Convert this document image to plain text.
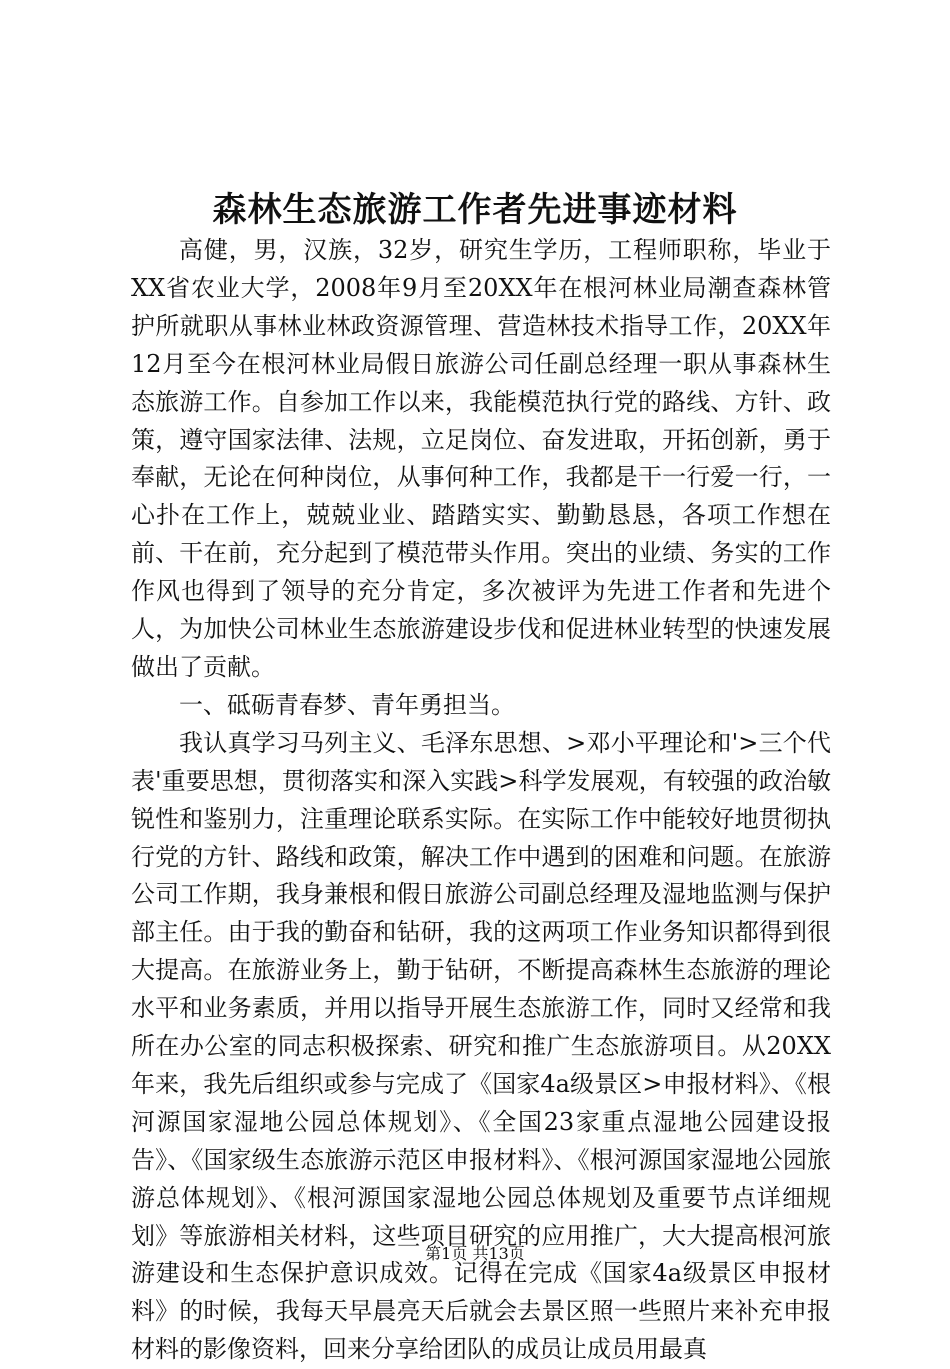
森林生态旅游工作者先进事迹材料

高健，男，汉族，32岁，研究生学历，工程师职称，毕业于XX省农业大学，2008年9月至20XX年在根河林业局潮查森林管护所就职从事林业林政资源管理、营造林技术指导工作，20XX年12月至今在根河林业局假日旅游公司任副总经理一职从事森林生态旅游工作。自参加工作以来，我能模范执行党的路线、方针、政策，遵守国家法律、法规，立足岗位、奋发进取，开拓创新，勇于奉献，无论在何种岗位，从事何种工作，我都是干一行爱一行，一心扑在工作上，兢兢业业、踏踏实实、勤勤恳恳，各项工作想在前、干在前，充分起到了模范带头作用。突出的业绩、务实的工作作风也得到了领导的充分肯定，多次被评为先进工作者和先进个人，为加快公司林业生态旅游建设步伐和促进林业转型的快速发展做出了贡献。

一、砥砺青春梦、青年勇担当。

我认真学习马列主义、毛泽东思想、>邓小平理论和'>三个代表'重要思想，贯彻落实和深入实践>科学发展观，有较强的政治敏锐性和鉴别力，注重理论联系实际。在实际工作中能较好地贯彻执行党的方针、路线和政策，解决工作中遇到的困难和问题。在旅游公司工作期，我身兼根和假日旅游公司副总经理及湿地监测与保护部主任。由于我的勤奋和钻研，我的这两项工作业务知识都得到很大提高。在旅游业务上，勤于钻研，不断提高森林生态旅游的理论水平和业务素质，并用以指导开展生态旅游工作，同时又经常和我所在办公室的同志积极探索、研究和推广生态旅游项目。从20XX年来，我先后组织或参与完成了《国家4a级景区>申报材料》、《根河源国家湿地公园总体规划》、《全国23家重点湿地公园建设报告》、《国家级生态旅游示范区申报材料》、《根河源国家湿地公园旅游总体规划》、《根河源国家湿地公园总体规划及重要节点详细规划》等旅游相关材料，这些项目研究的应用推广，大大提高根河旅游建设和生态保护意识成效。记得在完成《国家4a级景区申报材料》的时候，我每天早晨亮天后就会去景区照一些照片来补充申报材料的影像资料，回来分享给团队的成员让成员用最真

第1页 共13页
